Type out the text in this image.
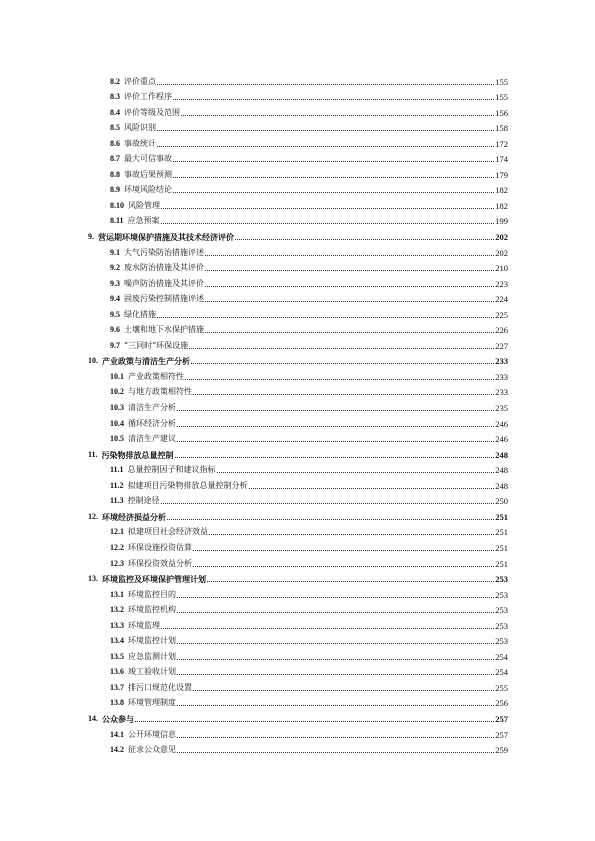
8.2 评价重点	155
8.3 评价工作程序	155
8.4 评价等级及范围	156
8.5 风险识别	158
8.6 事故统计	172
8.7 最大可信事故	174
8.8 事故后果预测	179
8.9 环境风险结论	182
8.10 风险管理	182
8.11 应急预案	199
9. 营运期环境保护措施及其技术经济评价	202
9.1 大气污染防治措施评述	202
9.2 废水防治措施及其评价	210
9.3 噪声防治措施及其评价	223
9.4 固废污染控制措施评述	224
9.5 绿化措施	225
9.6 土壤和地下水保护措施	226
9.7 “三同时”环保设施	227
10. 产业政策与清洁生产分析	233
10.1 产业政策相符性	233
10.2 与地方政策相符性	233
10.3 清洁生产分析	235
10.4 循环经济分析	246
10.5 清洁生产建议	246
11. 污染物排放总量控制	248
11.1 总量控制因子和建议指标	248
11.2 拟建项目污染物排放总量控制分析	248
11.3 控制途径	250
12. 环境经济损益分析	251
12.1 拟建项目社会经济效益	251
12.2 环保设施投资估算	251
12.3 环保投资效益分析	251
13. 环境监控及环境保护管理计划	253
13.1 环境监控目的	253
13.2 环境监控机构	253
13.3 环境监理	253
13.4 环境监控计划	253
13.5 应急监测计划	254
13.6 竣工验收计划	254
13.7 排污口规范化设置	255
13.8 环境管理制度	256
14. 公众参与	257
14.1 公开环境信息	257
14.2 征求公众意见	259
